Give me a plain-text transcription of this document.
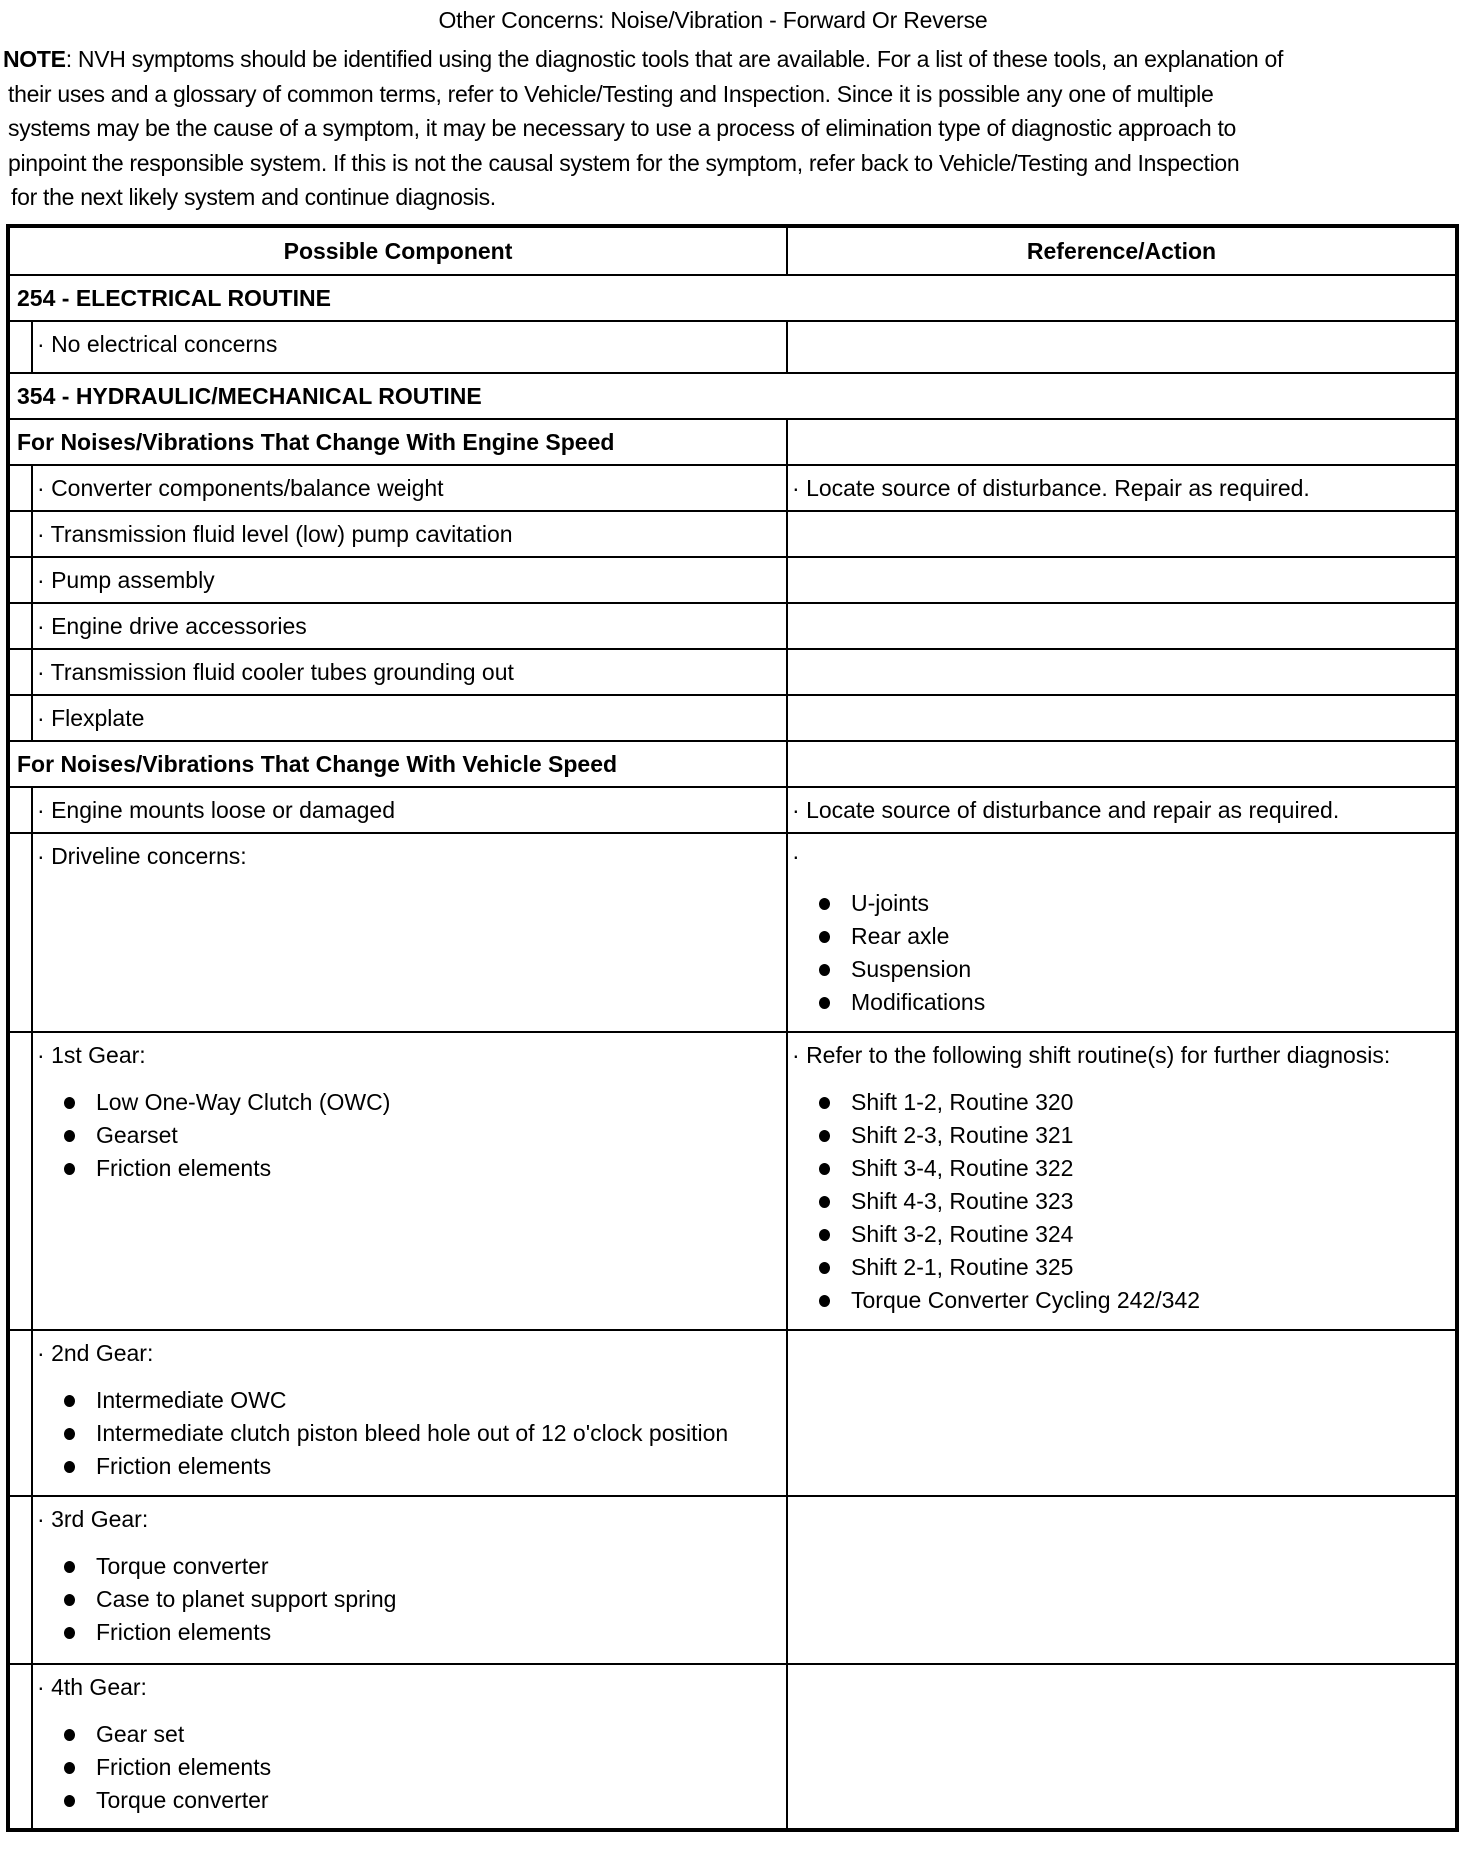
Other Concerns: Noise/Vibration - Forward Or Reverse
NOTE: NVH symptoms should be identified using the diagnostic tools that are available. For a list of these tools, an explanation of
their uses and a glossary of common terms, refer to Vehicle/Testing and Inspection. Since it is possible any one of multiple
systems may be the cause of a symptom, it may be necessary to use a process of elimination type of diagnostic approach to
pinpoint the responsible system. If this is not the causal system for the symptom, refer back to Vehicle/Testing and Inspection
for the next likely system and continue diagnosis.
Possible Component		Reference/Action
254 - ELECTRICAL ROUTINE		
	· No electrical concerns	
354 - HYDRAULIC/MECHANICAL ROUTINE		
For Noises/Vibrations That Change With Engine Speed		
	· Converter components/balance weight	· Locate source of disturbance. Repair as required.
	· Transmission fluid level (low) pump cavitation	
	· Pump assembly	
	· Engine drive accessories	
	· Transmission fluid cooler tubes grounding out	
	· Flexplate	
For Noises/Vibrations That Change With Vehicle Speed		
	· Engine mounts loose or damaged	· Locate source of disturbance and repair as required.
	· Driveline concerns:	·
U-joints
Rear axle
Suspension
Modifications

	· 1st Gear:
Low One-Way Clutch (OWC)
Gearset
Friction elements
	· Refer to the following shift routine(s) for further diagnosis:
Shift 1-2, Routine 320
Shift 2-3, Routine 321
Shift 3-4, Routine 322
Shift 4-3, Routine 323
Shift 3-2, Routine 324
Shift 2-1, Routine 325
Torque Converter Cycling 242/342

	· 2nd Gear:
Intermediate OWC
Intermediate clutch piston bleed hole out of 12 o'clock position
Friction elements

	· 3rd Gear:
Torque converter
Case to planet support spring
Friction elements

	· 4th Gear:
Gear set
Friction elements
Torque converter
